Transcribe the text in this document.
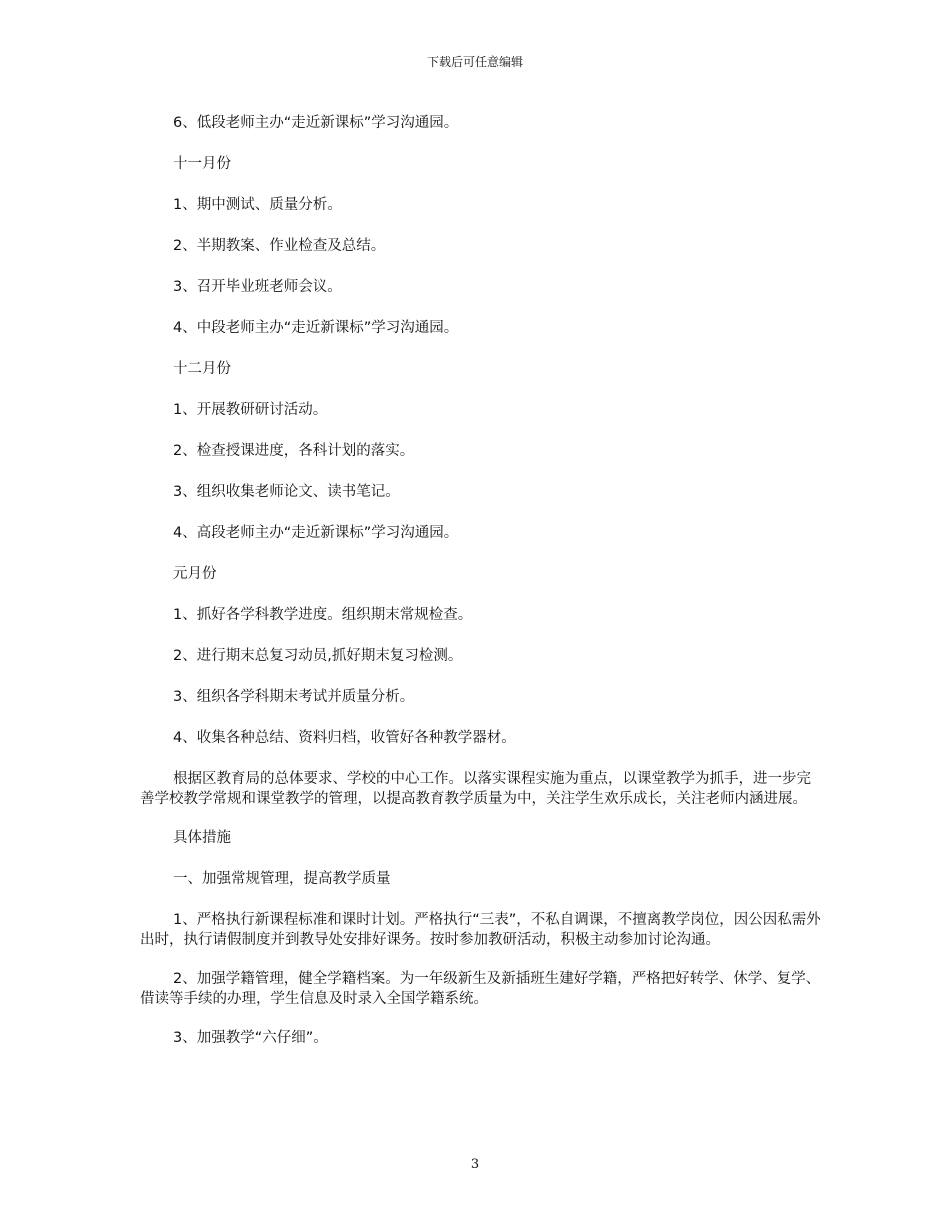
下载后可任意编辑

6、低段老师主办“走近新课标”学习沟通园。

十一月份

1、期中测试、质量分析。

2、半期教案、作业检查及总结。

3、召开毕业班老师会议。

4、中段老师主办“走近新课标”学习沟通园。

十二月份

1、开展教研研讨活动。

2、检查授课进度，各科计划的落实。

3、组织收集老师论文、读书笔记。

4、高段老师主办“走近新课标”学习沟通园。

元月份

1、抓好各学科教学进度。组织期末常规检查。

2、进行期末总复习动员,抓好期末复习检测。

3、组织各学科期末考试并质量分析。

4、收集各种总结、资料归档，收管好各种教学器材。

根据区教育局的总体要求、学校的中心工作。以落实课程实施为重点，以课堂教学为抓手，进一步完善学校教学常规和课堂教学的管理，以提高教育教学质量为中，关注学生欢乐成长，关注老师内涵进展。

具体措施

一、加强常规管理，提高教学质量

1、严格执行新课程标准和课时计划。严格执行“三表”，不私自调课，不擅离教学岗位，因公因私需外出时，执行请假制度并到教导处安排好课务。按时参加教研活动，积极主动参加讨论沟通。

2、加强学籍管理，健全学籍档案。为一年级新生及新插班生建好学籍，严格把好转学、休学、复学、借读等手续的办理，学生信息及时录入全国学籍系统。

3、加强教学“六仔细”。

3
